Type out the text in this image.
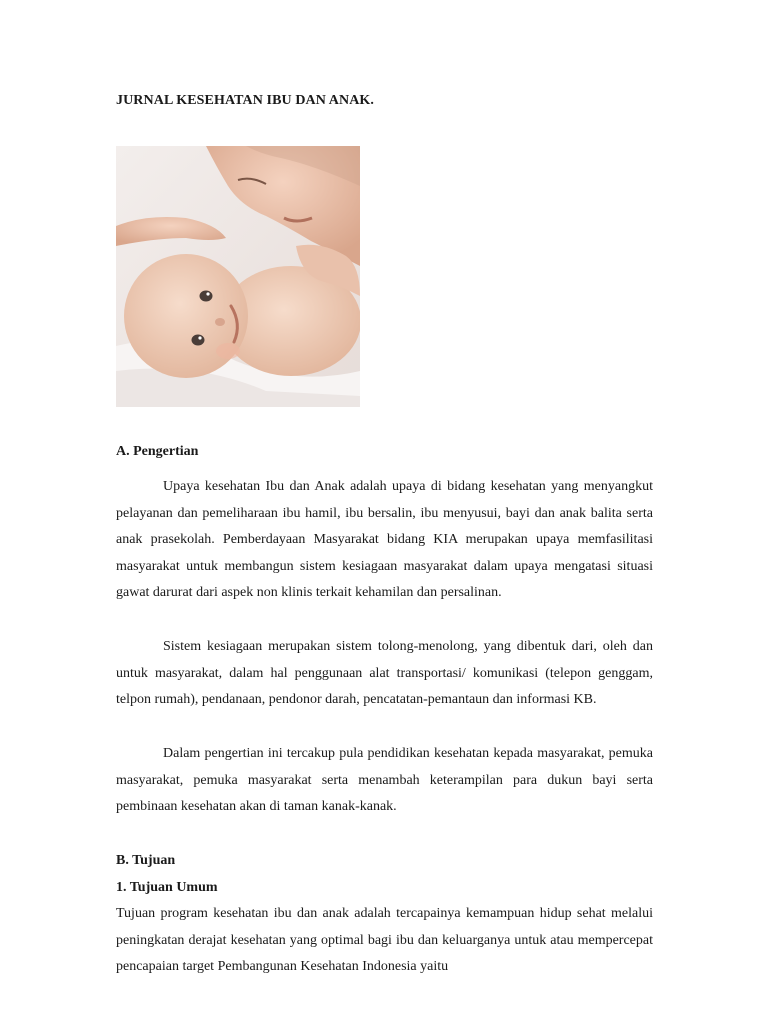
JURNAL KESEHATAN IBU DAN ANAK.
A. Pengertian

Upaya kesehatan Ibu dan Anak adalah upaya di bidang kesehatan yang menyangkut pelayanan dan pemeliharaan ibu hamil, ibu bersalin, ibu menyusui, bayi dan anak balita serta anak prasekolah. Pemberdayaan Masyarakat bidang KIA merupakan upaya memfasilitasi masyarakat untuk membangun sistem kesiagaan masyarakat dalam upaya mengatasi situasi gawat darurat dari aspek non klinis terkait kehamilan dan persalinan.

Sistem kesiagaan merupakan sistem tolong-menolong, yang dibentuk dari, oleh dan untuk masyarakat, dalam hal penggunaan alat transportasi/ komunikasi (telepon genggam, telpon rumah), pendanaan, pendonor darah, pencatatan-pemantaun dan informasi KB.

Dalam pengertian ini tercakup pula pendidikan kesehatan kepada masyarakat, pemuka masyarakat, pemuka masyarakat serta menambah keterampilan para dukun bayi serta pembinaan kesehatan akan di taman kanak-kanak.

B. Tujuan
1. Tujuan Umum

Tujuan program kesehatan ibu dan anak adalah tercapainya kemampuan hidup sehat melalui peningkatan derajat kesehatan yang optimal bagi ibu dan keluarganya untuk atau mempercepat pencapaian target Pembangunan Kesehatan Indonesia yaitu
